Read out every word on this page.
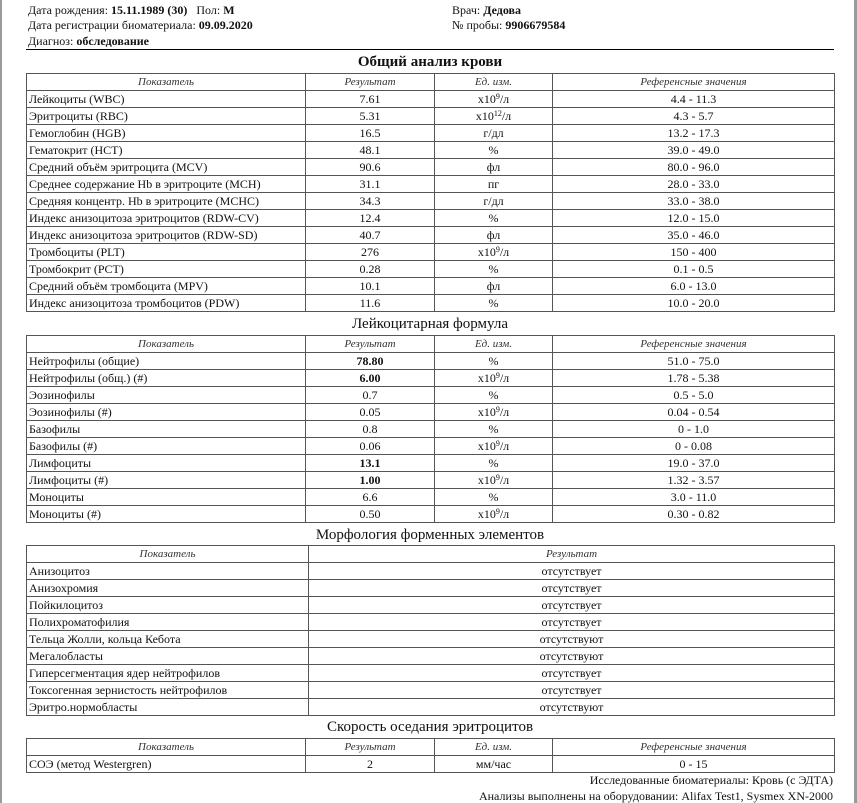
Дата рождения: 15.11.1989 (30) Пол: М
Дата регистрации биоматериала: 09.09.2020
Диагноз: обследование
Врач: Дедова
№ пробы: 9906679584
Общий анализ крови
Показатель	Результат	Ед. изм.	Референсные значения
Лейкоциты (WBC)	7.61	$x10^9/л$	4.4 - 11.3
Эритроциты (RBC)	5.31	$x10^{12}/л$	4.3 - 5.7
Гемоглобин (HGB)	16.5	г/дл	13.2 - 17.3
Гематокрит (HCT)	48.1	%	39.0 - 49.0
Средний объём эритроцита (MCV)	90.6	фл	80.0 - 96.0
Среднее содержание Hb в эритроците (MCH)	31.1	пг	28.0 - 33.0
Средняя концентр. Hb в эритроците (MCHC)	34.3	г/дл	33.0 - 38.0
Индекс анизоцитоза эритроцитов (RDW-CV)	12.4	%	12.0 - 15.0
Индекс анизоцитоза эритроцитов (RDW-SD)	40.7	фл	35.0 - 46.0
Тромбоциты (PLT)	276	$x10^9/л$	150 - 400
Тромбокрит (PCT)	0.28	%	0.1 - 0.5
Средний объём тромбоцита (MPV)	10.1	фл	6.0 - 13.0
Индекс анизоцитоза тромбоцитов (PDW)	11.6	%	10.0 - 20.0
Лейкоцитарная формула
Показатель	Результат	Ед. изм.	Референсные значения
Нейтрофилы (общие)	78.80	%	51.0 - 75.0
Нейтрофилы (общ.) (#)	6.00	$x10^9/л$	1.78 - 5.38
Эозинофилы	0.7	%	0.5 - 5.0
Эозинофилы (#)	0.05	$x10^9/л$	0.04 - 0.54
Базофилы	0.8	%	0 - 1.0
Базофилы (#)	0.06	$x10^9/л$	0 - 0.08
Лимфоциты	13.1	%	19.0 - 37.0
Лимфоциты (#)	1.00	$x10^9/л$	1.32 - 3.57
Моноциты	6.6	%	3.0 - 11.0
Моноциты (#)	0.50	$x10^9/л$	0.30 - 0.82
Морфология форменных элементов
Показатель	Результат
Анизоцитоз	отсутствует
Анизохромия	отсутствует
Пойкилоцитоз	отсутствует
Полихроматофилия	отсутствует
Тельца Жолли, кольца Кебота	отсутствуют
Мегалобласты	отсутствуют
Гиперсегментация ядер нейтрофилов	отсутствует
Токсогенная зернистость нейтрофилов	отсутствует
Эритро.нормобласты	отсутствуют
Скорость оседания эритроцитов
Показатель	Результат	Ед. изм.	Референсные значения
СОЭ (метод Westergren)	2	мм/час	0 - 15
Исследованные биоматериалы: Кровь (с ЭДТА)
Анализы выполнены на оборудовании: Alifax Test1, Sysmex XN-2000
